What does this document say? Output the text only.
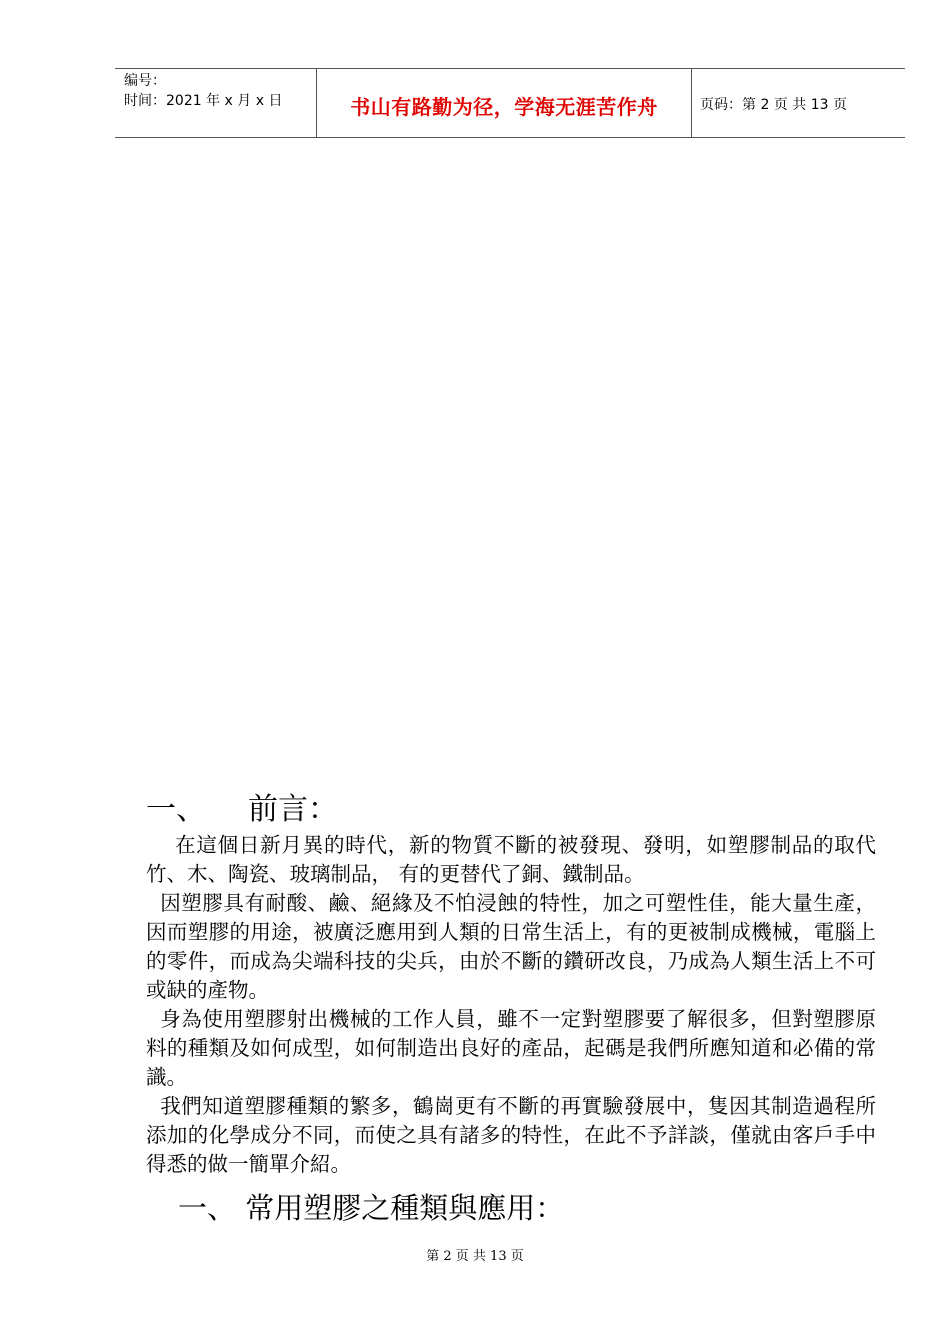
编号：
时间：2021 年 x 月 x 日	书山有路勤为径，学海无涯苦作舟	页码：第 2 页 共 13 页
一、 前言：
在這個日新月異的時代，新的物質不斷的被發現、發明，如塑膠制品的取代竹、木、陶瓷、玻璃制品， 有的更替代了銅、鐵制品。
因塑膠具有耐酸、鹼、絕緣及不怕浸蝕的特性，加之可塑性佳，能大量生產，因而塑膠的用途，被廣泛應用到人類的日常生活上，有的更被制成機械，電腦上的零件，而成為尖端科技的尖兵，由於不斷的鑽研改良，乃成為人類生活上不可或缺的產物。
身為使用塑膠射出機械的工作人員，雖不一定對塑膠要了解很多，但對塑膠原料的種類及如何成型，如何制造出良好的產品，起碼是我們所應知道和必備的常識。
我們知道塑膠種類的繁多，鶴崗更有不斷的再實驗發展中，隻因其制造過程所添加的化學成分不同，而使之具有諸多的特性，在此不予詳談，僅就由客戶手中得悉的做一簡單介紹。
一、 常用塑膠之種類與應用：
第 2 页 共 13 页
